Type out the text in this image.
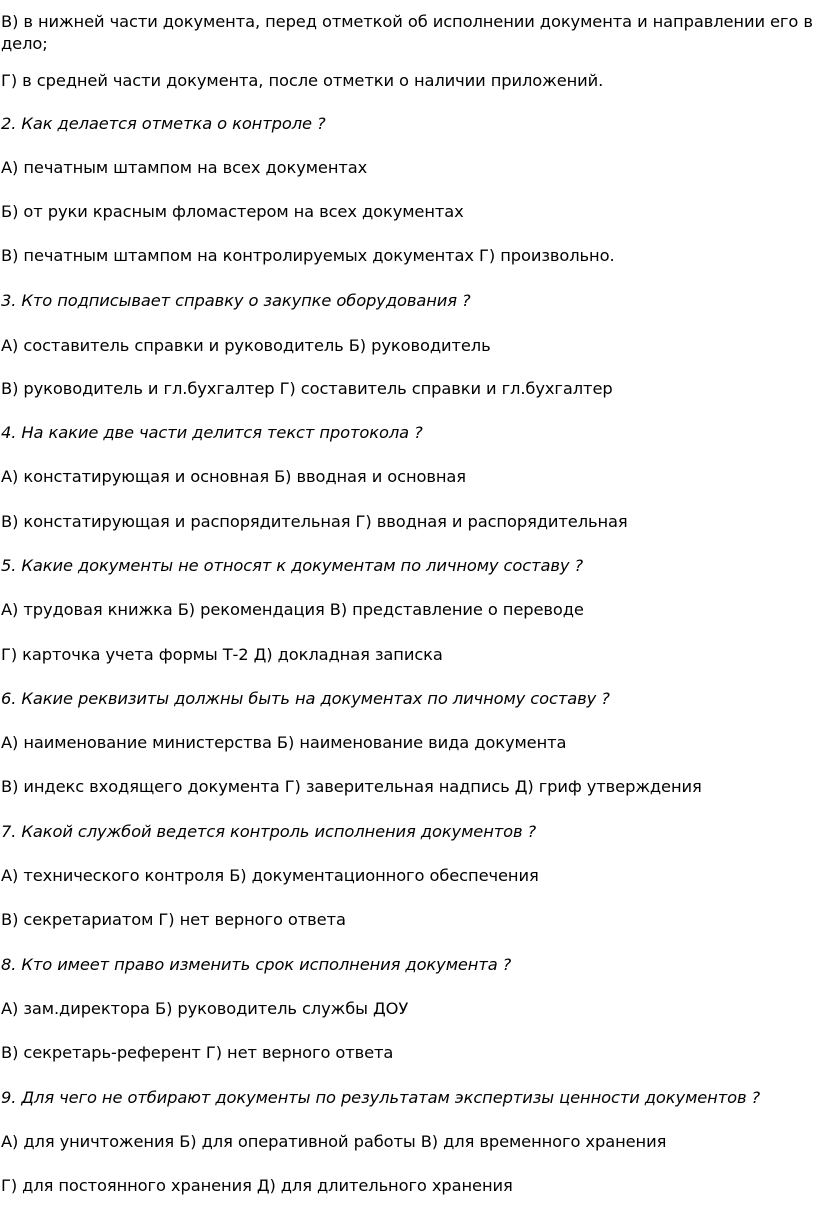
В) в нижней части документа, перед отметкой об исполнении документа и направлении его в дело;
Г) в средней части документа, после отметки о наличии приложений.
2. Как делается отметка о контроле ?
А) печатным штампом на всех документах
Б) от руки красным фломастером на всех документах
В) печатным штампом на контролируемых документах Г) произвольно.
3. Кто подписывает справку о закупке оборудования ?
А) составитель справки и руководитель Б) руководитель
В) руководитель и гл.бухгалтер Г) составитель справки и гл.бухгалтер
4. На какие две части делится текст протокола ?
А) констатирующая и основная Б) вводная и основная
В) констатирующая и распорядительная Г) вводная и распорядительная
5. Какие документы не относят к документам по личному составу ?
А) трудовая книжка Б) рекомендация В) представление о переводе
Г) карточка учета формы Т-2 Д) докладная записка
6. Какие реквизиты должны быть на документах по личному составу ?
А) наименование министерства Б) наименование вида документа
В) индекс входящего документа Г) заверительная надпись Д) гриф утверждения
7. Какой службой ведется контроль исполнения документов ?
А) технического контроля Б) документационного обеспечения
В) секретариатом Г) нет верного ответа
8. Кто имеет право изменить срок исполнения документа ?
А) зам.директора Б) руководитель службы ДОУ
В) секретарь-референт Г) нет верного ответа
9. Для чего не отбирают документы по результатам экспертизы ценности документов ?
А) для уничтожения Б) для оперативной работы В) для временного хранения
Г) для постоянного хранения Д) для длительного хранения
